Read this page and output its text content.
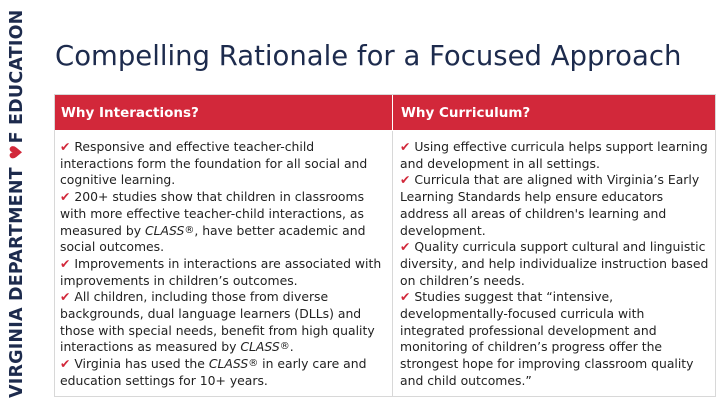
VIRGINIA DEPARTMENT

♥
F EDUCATION Compelling Rationale for a Focused Approach
Why Interactions?	Why Curriculum?
✔ Responsive and effective teacher-child interactions form the foundation for all social and cognitive learning.
✔ 200+ studies show that children in classrooms with more effective teacher-child interactions, as measured by CLASS®, have better academic and social outcomes.
✔ Improvements in interactions are associated with improvements in children’s outcomes.
✔ All children, including those from diverse backgrounds, dual language learners (DLLs) and those with special needs, benefit from high quality interactions as measured by CLASS®.
✔ Virginia has used the CLASS® in early care and education settings for 10+ years.
✔ Using effective curricula helps support learning and development in all settings.
✔ Curricula that are aligned with Virginia’s Early Learning Standards help ensure educators address all areas of children's learning and development.
✔ Quality curricula support cultural and linguistic diversity, and help individualize instruction based on children’s needs.
✔ Studies suggest that “intensive, developmentally-focused curricula with integrated professional development and monitoring of children’s progress offer the strongest hope for improving classroom quality and child outcomes.”
